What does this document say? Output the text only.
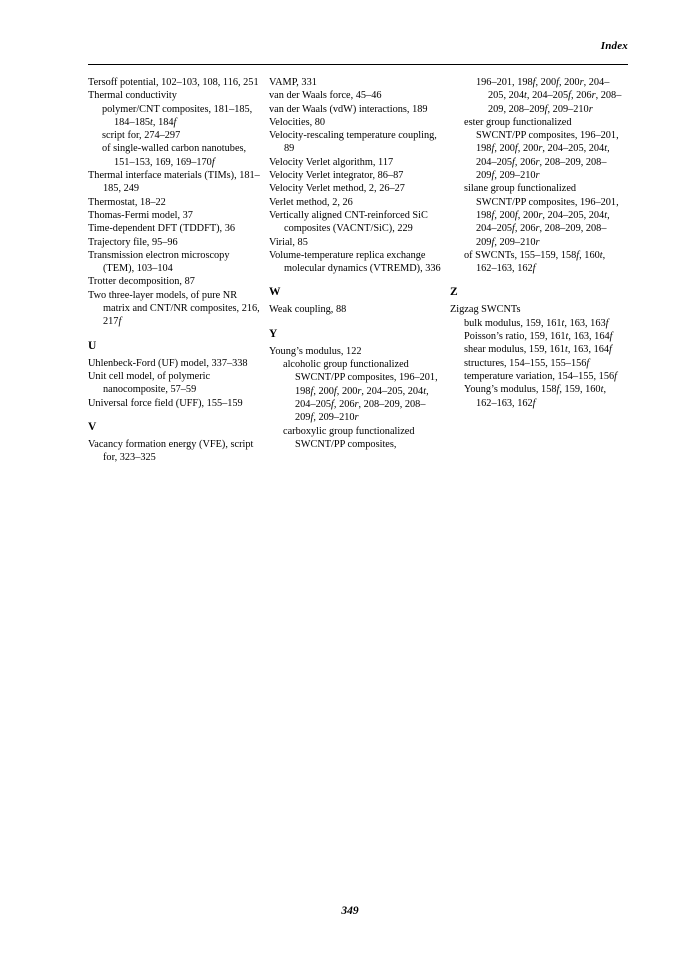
Index
Tersoff potential, 102–103, 108, 116, 251
Thermal conductivity
polymer/CNT composites, 181–185, 184–185t, 184f
script for, 274–297
of single-walled carbon nanotubes, 151–153, 169, 169–170f
Thermal interface materials (TIMs), 181–185, 249
Thermostat, 18–22
Thomas-Fermi model, 37
Time-dependent DFT (TDDFT), 36
Trajectory file, 95–96
Transmission electron microscopy (TEM), 103–104
Trotter decomposition, 87
Two three-layer models, of pure NR matrix and CNT/NR composites, 216, 217f
U
Uhlenbeck-Ford (UF) model, 337–338
Unit cell model, of polymeric nanocomposite, 57–59
Universal force field (UFF), 155–159
V
Vacancy formation energy (VFE), script for, 323–325
VAMP, 331
van der Waals force, 45–46
van der Waals (vdW) interactions, 189
Velocities, 80
Velocity-rescaling temperature coupling, 89
Velocity Verlet algorithm, 117
Velocity Verlet integrator, 86–87
Velocity Verlet method, 2, 26–27
Verlet method, 2, 26
Vertically aligned CNT-reinforced SiC composites (VACNT/SiC), 229
Virial, 85
Volume-temperature replica exchange molecular dynamics (VTREMD), 336
W
Weak coupling, 88
Y
Young’s modulus, 122
alcoholic group functionalized SWCNT/PP composites, 196–201, 198f, 200f, 200r, 204–205, 204t, 204–205f, 206r, 208–209, 208–209f, 209–210r
carboxylic group functionalized SWCNT/PP composites,
196–201, 198f, 200f, 200r, 204–205, 204t, 204–205f, 206r, 208–209, 208–209f, 209–210r
ester group functionalized SWCNT/PP composites, 196–201, 198f, 200f, 200r, 204–205, 204t, 204–205f, 206r, 208–209, 208–209f, 209–210r
silane group functionalized SWCNT/PP composites, 196–201, 198f, 200f, 200r, 204–205, 204t, 204–205f, 206r, 208–209, 208–209f, 209–210r
of SWCNTs, 155–159, 158f, 160t, 162–163, 162f
Z
Zigzag SWCNTs
bulk modulus, 159, 161t, 163, 163f
Poisson’s ratio, 159, 161t, 163, 164f
shear modulus, 159, 161t, 163, 164f
structures, 154–155, 155–156f
temperature variation, 154–155, 156f
Young’s modulus, 158f, 159, 160t, 162–163, 162f
349
